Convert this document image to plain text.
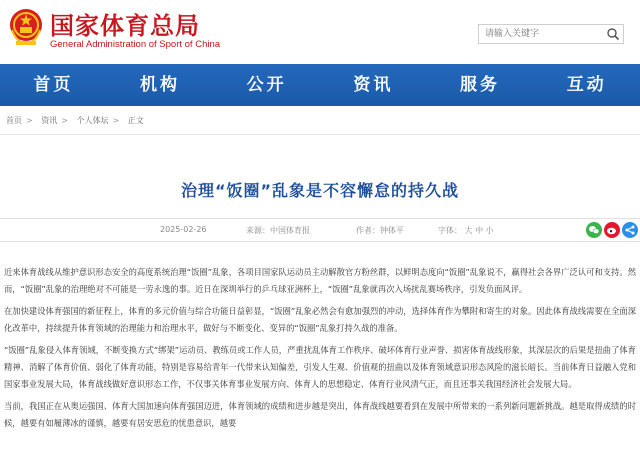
国家体育总局
General Administration of Sport of China
请输入关键字
首页	机构	公开	资讯	服务	互动
首页 > 资讯 > 个人体坛 > 正文
治理“饭圈”乱象是不容懈怠的持久战
2025-02-26	来源：中国体育报	作者：钟体平	字体： 大 中 小

近来体育战线从维护意识形态安全的高度系统治理“饭圈”乱象，各项目国家队运动员主动解散官方粉丝群，以鲜明态度向“饭圈”乱象说不，赢得社会各界广泛认可和支持。然而，“饭圈”乱象的治理绝对不可能是一劳永逸的事。近日在深圳举行的乒乓球亚洲杯上，“饭圈”乱象就再次入场扰乱赛场秩序，引发负面风评。

在加快建设体育强国的新征程上，体育的多元价值与综合功能日益彰显，“饭圈”乱象必然会有愈加强烈的冲动，选择体育作为攀附和寄生的对象。因此体育战线需要在全面深化改革中，持续提升体育领域的治理能力和治理水平，做好与不断变化、变异的“饭圈”乱象打持久战的准备。

“饭圈”乱象侵入体育领域，不断变换方式“绑架”运动员、教练员或工作人员，严重扰乱体育工作秩序、破坏体育行业声誉、损害体育战线形象，其深层次的后果是扭曲了体育精神、消解了体育价值、弱化了体育功能，特别是容易给青年一代带来认知偏差，引发人生观、价值观的扭曲以及体育领域意识形态风险的滋长暗长。当前体育日益融入党和国家事业发展大局，体育战线做好意识形态工作，不仅事关体育事业发展方向、体育人的思想稳定、体育行业风清气正，而且还事关我国经济社会发展大局。

当前，我国正在从奥运强国、体育大国加速向体育强国迈进，体育领域的成绩和进步越是突出，体育战线越要看到在发展中所带来的一系列新问题新挑战。越是取得成绩的时候，越要有如履薄冰的谨慎，越要有居安思危的忧患意识，越要
